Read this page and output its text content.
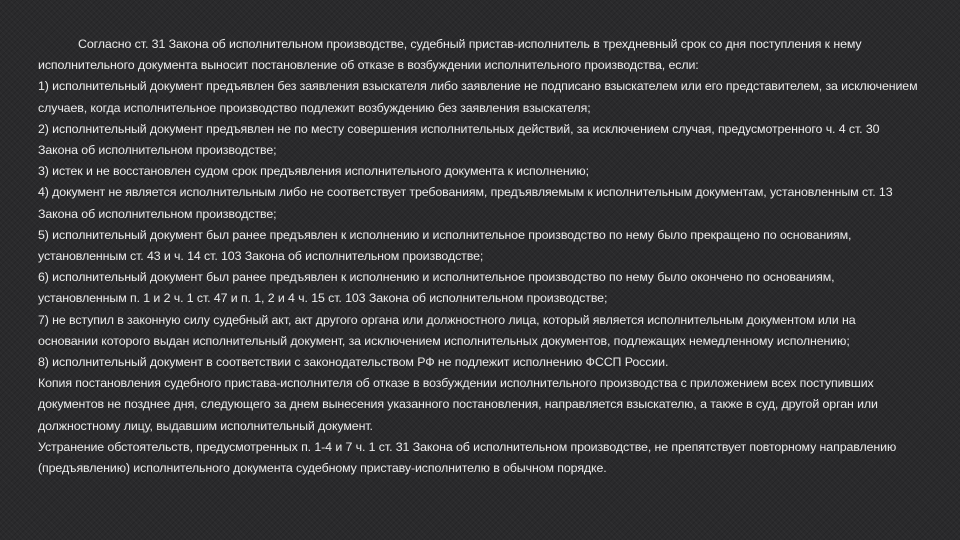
Согласно ст. 31 Закона об исполнительном производстве, судебный пристав-исполнитель в трехдневный срок со дня поступления к нему исполнительного документа выносит постановление об отказе в возбуждении исполнительного производства, если:

1) исполнительный документ предъявлен без заявления взыскателя либо заявление не подписано взыскателем или его представителем, за исключением случаев, когда исполнительное производство подлежит возбуждению без заявления взыскателя;

2) исполнительный документ предъявлен не по месту совершения исполнительных действий, за исключением случая, предусмотренного ч. 4 ст. 30 Закона об исполнительном производстве;

3) истек и не восстановлен судом срок предъявления исполнительного документа к исполнению;

4) документ не является исполнительным либо не соответствует требованиям, предъявляемым к исполнительным документам, установленным ст. 13 Закона об исполнительном производстве;

5) исполнительный документ был ранее предъявлен к исполнению и исполнительное производство по нему было прекращено по основаниям, установленным ст. 43 и ч. 14 ст. 103 Закона об исполнительном производстве;

6) исполнительный документ был ранее предъявлен к исполнению и исполнительное производство по нему было окончено по основаниям, установленным п. 1 и 2 ч. 1 ст. 47 и п. 1, 2 и 4 ч. 15 ст. 103 Закона об исполнительном производстве;

7) не вступил в законную силу судебный акт, акт другого органа или должностного лица, который является исполнительным документом или на основании которого выдан исполнительный документ, за исключением исполнительных документов, подлежащих немедленному исполнению;

8) исполнительный документ в соответствии с законодательством РФ не подлежит исполнению ФССП России.

Копия постановления судебного пристава-исполнителя об отказе в возбуждении исполнительного производства с приложением всех поступивших документов не позднее дня, следующего за днем вынесения указанного постановления, направляется взыскателю, а также в суд, другой орган или должностному лицу, выдавшим исполнительный документ.

Устранение обстоятельств, предусмотренных п. 1-4 и 7 ч. 1 ст. 31 Закона об исполнительном производстве, не препятствует повторному направлению (предъявлению) исполнительного документа судебному приставу-исполнителю в обычном порядке.
